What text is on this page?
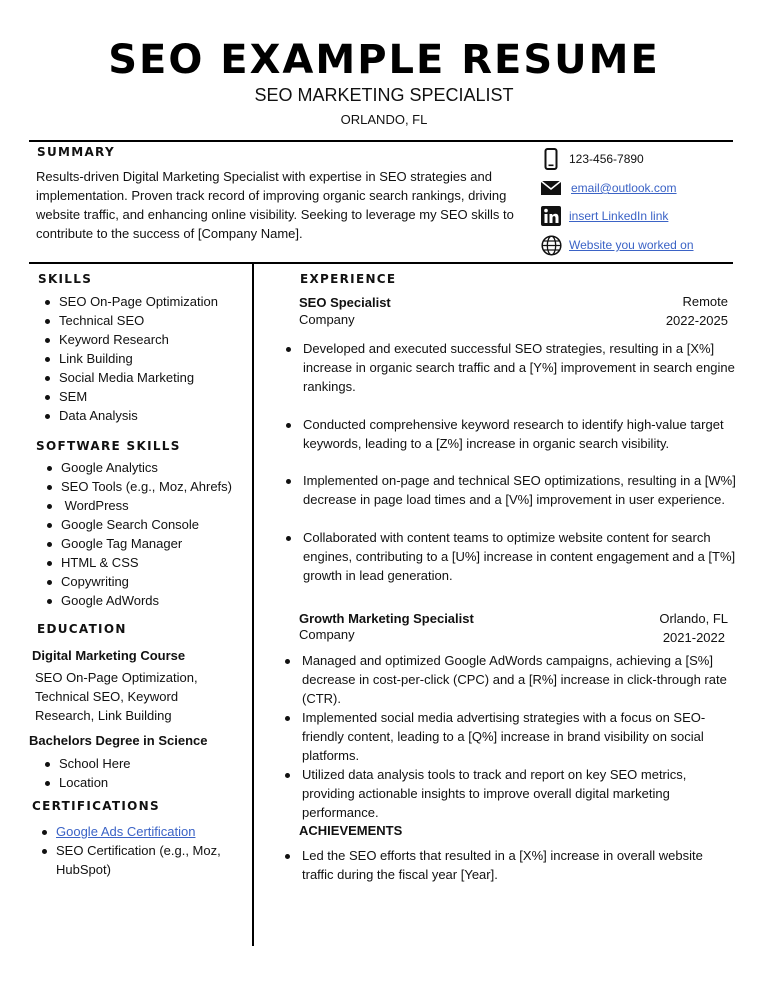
SEO EXAMPLE RESUME
SEO MARKETING SPECIALIST
ORLANDO, FL
SUMMARY
Results-driven Digital Marketing Specialist with expertise in SEO strategies and implementation. Proven track record of improving organic search rankings, driving website traffic, and enhancing online visibility. Seeking to leverage my SEO skills to contribute to the success of [Company Name].
123-456-7890
email@outlook.com
insert LinkedIn link
Website you worked on
SKILLS
SEO On-Page Optimization
Technical SEO
Keyword Research
Link Building
Social Media Marketing
SEM
Data Analysis
SOFTWARE SKILLS
Google Analytics
SEO Tools (e.g., Moz, Ahrefs)
WordPress
Google Search Console
Google Tag Manager
HTML & CSS
Copywriting
Google AdWords
EDUCATION
Digital Marketing Course
SEO On-Page Optimization, Technical SEO, Keyword Research, Link Building
Bachelors Degree in Science
School Here
Location
CERTIFICATIONS
Google Ads Certification
SEO Certification (e.g., Moz, HubSpot)
EXPERIENCE
SEO Specialist
Company
Remote
2022-2025
Developed and executed successful SEO strategies, resulting in a [X%] increase in organic search traffic and a [Y%] improvement in search engine rankings.
Conducted comprehensive keyword research to identify high-value target keywords, leading to a [Z%] increase in organic search visibility.
Implemented on-page and technical SEO optimizations, resulting in a [W%] decrease in page load times and a [V%] improvement in user experience.
Collaborated with content teams to optimize website content for search engines, contributing to a [U%] increase in content engagement and a [T%] growth in lead generation.
Growth Marketing Specialist
Company
Orlando, FL
2021-2022
Managed and optimized Google AdWords campaigns, achieving a [S%] decrease in cost-per-click (CPC) and a [R%] increase in click-through rate (CTR).
Implemented social media advertising strategies with a focus on SEO-friendly content, leading to a [Q%] increase in brand visibility on social platforms.
Utilized data analysis tools to track and report on key SEO metrics, providing actionable insights to improve overall digital marketing performance.
ACHIEVEMENTS
Led the SEO efforts that resulted in a [X%] increase in overall website traffic during the fiscal year [Year].
